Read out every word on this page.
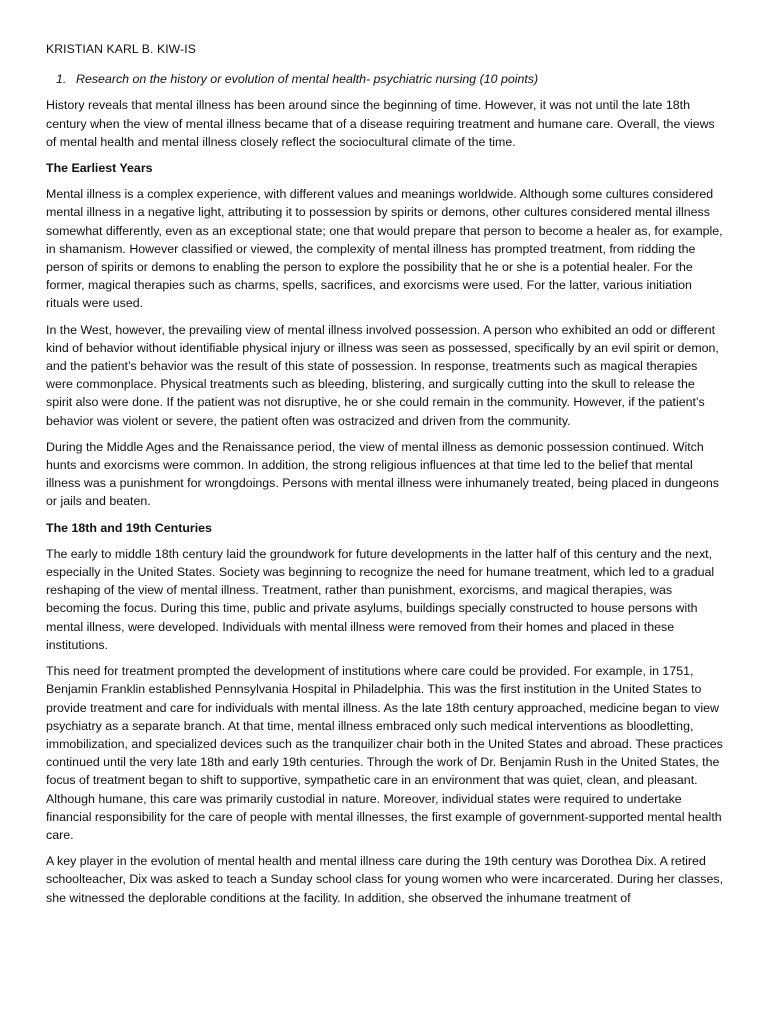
KRISTIAN KARL B. KIW-IS
1. Research on the history or evolution of mental health- psychiatric nursing (10 points)

History reveals that mental illness has been around since the beginning of time. However, it was not until the late 18th century when the view of mental illness became that of a disease requiring treatment and humane care. Overall, the views of mental health and mental illness closely reflect the sociocultural climate of the time.

The Earliest Years

Mental illness is a complex experience, with different values and meanings worldwide. Although some cultures considered mental illness in a negative light, attributing it to possession by spirits or demons, other cultures considered mental illness somewhat differently, even as an exceptional state; one that would prepare that person to become a healer as, for example, in shamanism. However classified or viewed, the complexity of mental illness has prompted treatment, from ridding the person of spirits or demons to enabling the person to explore the possibility that he or she is a potential healer. For the former, magical therapies such as charms, spells, sacrifices, and exorcisms were used. For the latter, various initiation rituals were used.

In the West, however, the prevailing view of mental illness involved possession. A person who exhibited an odd or different kind of behavior without identifiable physical injury or illness was seen as possessed, specifically by an evil spirit or demon, and the patient’s behavior was the result of this state of possession. In response, treatments such as magical therapies were commonplace. Physical treatments such as bleeding, blistering, and surgically cutting into the skull to release the spirit also were done. If the patient was not disruptive, he or she could remain in the community. However, if the patient’s behavior was violent or severe, the patient often was ostracized and driven from the community.

During the Middle Ages and the Renaissance period, the view of mental illness as demonic possession continued. Witch hunts and exorcisms were common. In addition, the strong religious influences at that time led to the belief that mental illness was a punishment for wrongdoings. Persons with mental illness were inhumanely treated, being placed in dungeons or jails and beaten.

The 18th and 19th Centuries

The early to middle 18th century laid the groundwork for future developments in the latter half of this century and the next, especially in the United States. Society was beginning to recognize the need for humane treatment, which led to a gradual reshaping of the view of mental illness. Treatment, rather than punishment, exorcisms, and magical therapies, was becoming the focus. During this time, public and private asylums, buildings specially constructed to house persons with mental illness, were developed. Individuals with mental illness were removed from their homes and placed in these institutions.

This need for treatment prompted the development of institutions where care could be provided. For example, in 1751, Benjamin Franklin established Pennsylvania Hospital in Philadelphia. This was the first institution in the United States to provide treatment and care for individuals with mental illness. As the late 18th century approached, medicine began to view psychiatry as a separate branch. At that time, mental illness embraced only such medical interventions as bloodletting, immobilization, and specialized devices such as the tranquilizer chair both in the United States and abroad. These practices continued until the very late 18th and early 19th centuries. Through the work of Dr. Benjamin Rush in the United States, the focus of treatment began to shift to supportive, sympathetic care in an environment that was quiet, clean, and pleasant. Although humane, this care was primarily custodial in nature. Moreover, individual states were required to undertake financial responsibility for the care of people with mental illnesses, the first example of government-supported mental health care.

A key player in the evolution of mental health and mental illness care during the 19th century was Dorothea Dix. A retired schoolteacher, Dix was asked to teach a Sunday school class for young women who were incarcerated. During her classes, she witnessed the deplorable conditions at the facility. In addition, she observed the inhumane treatment of
